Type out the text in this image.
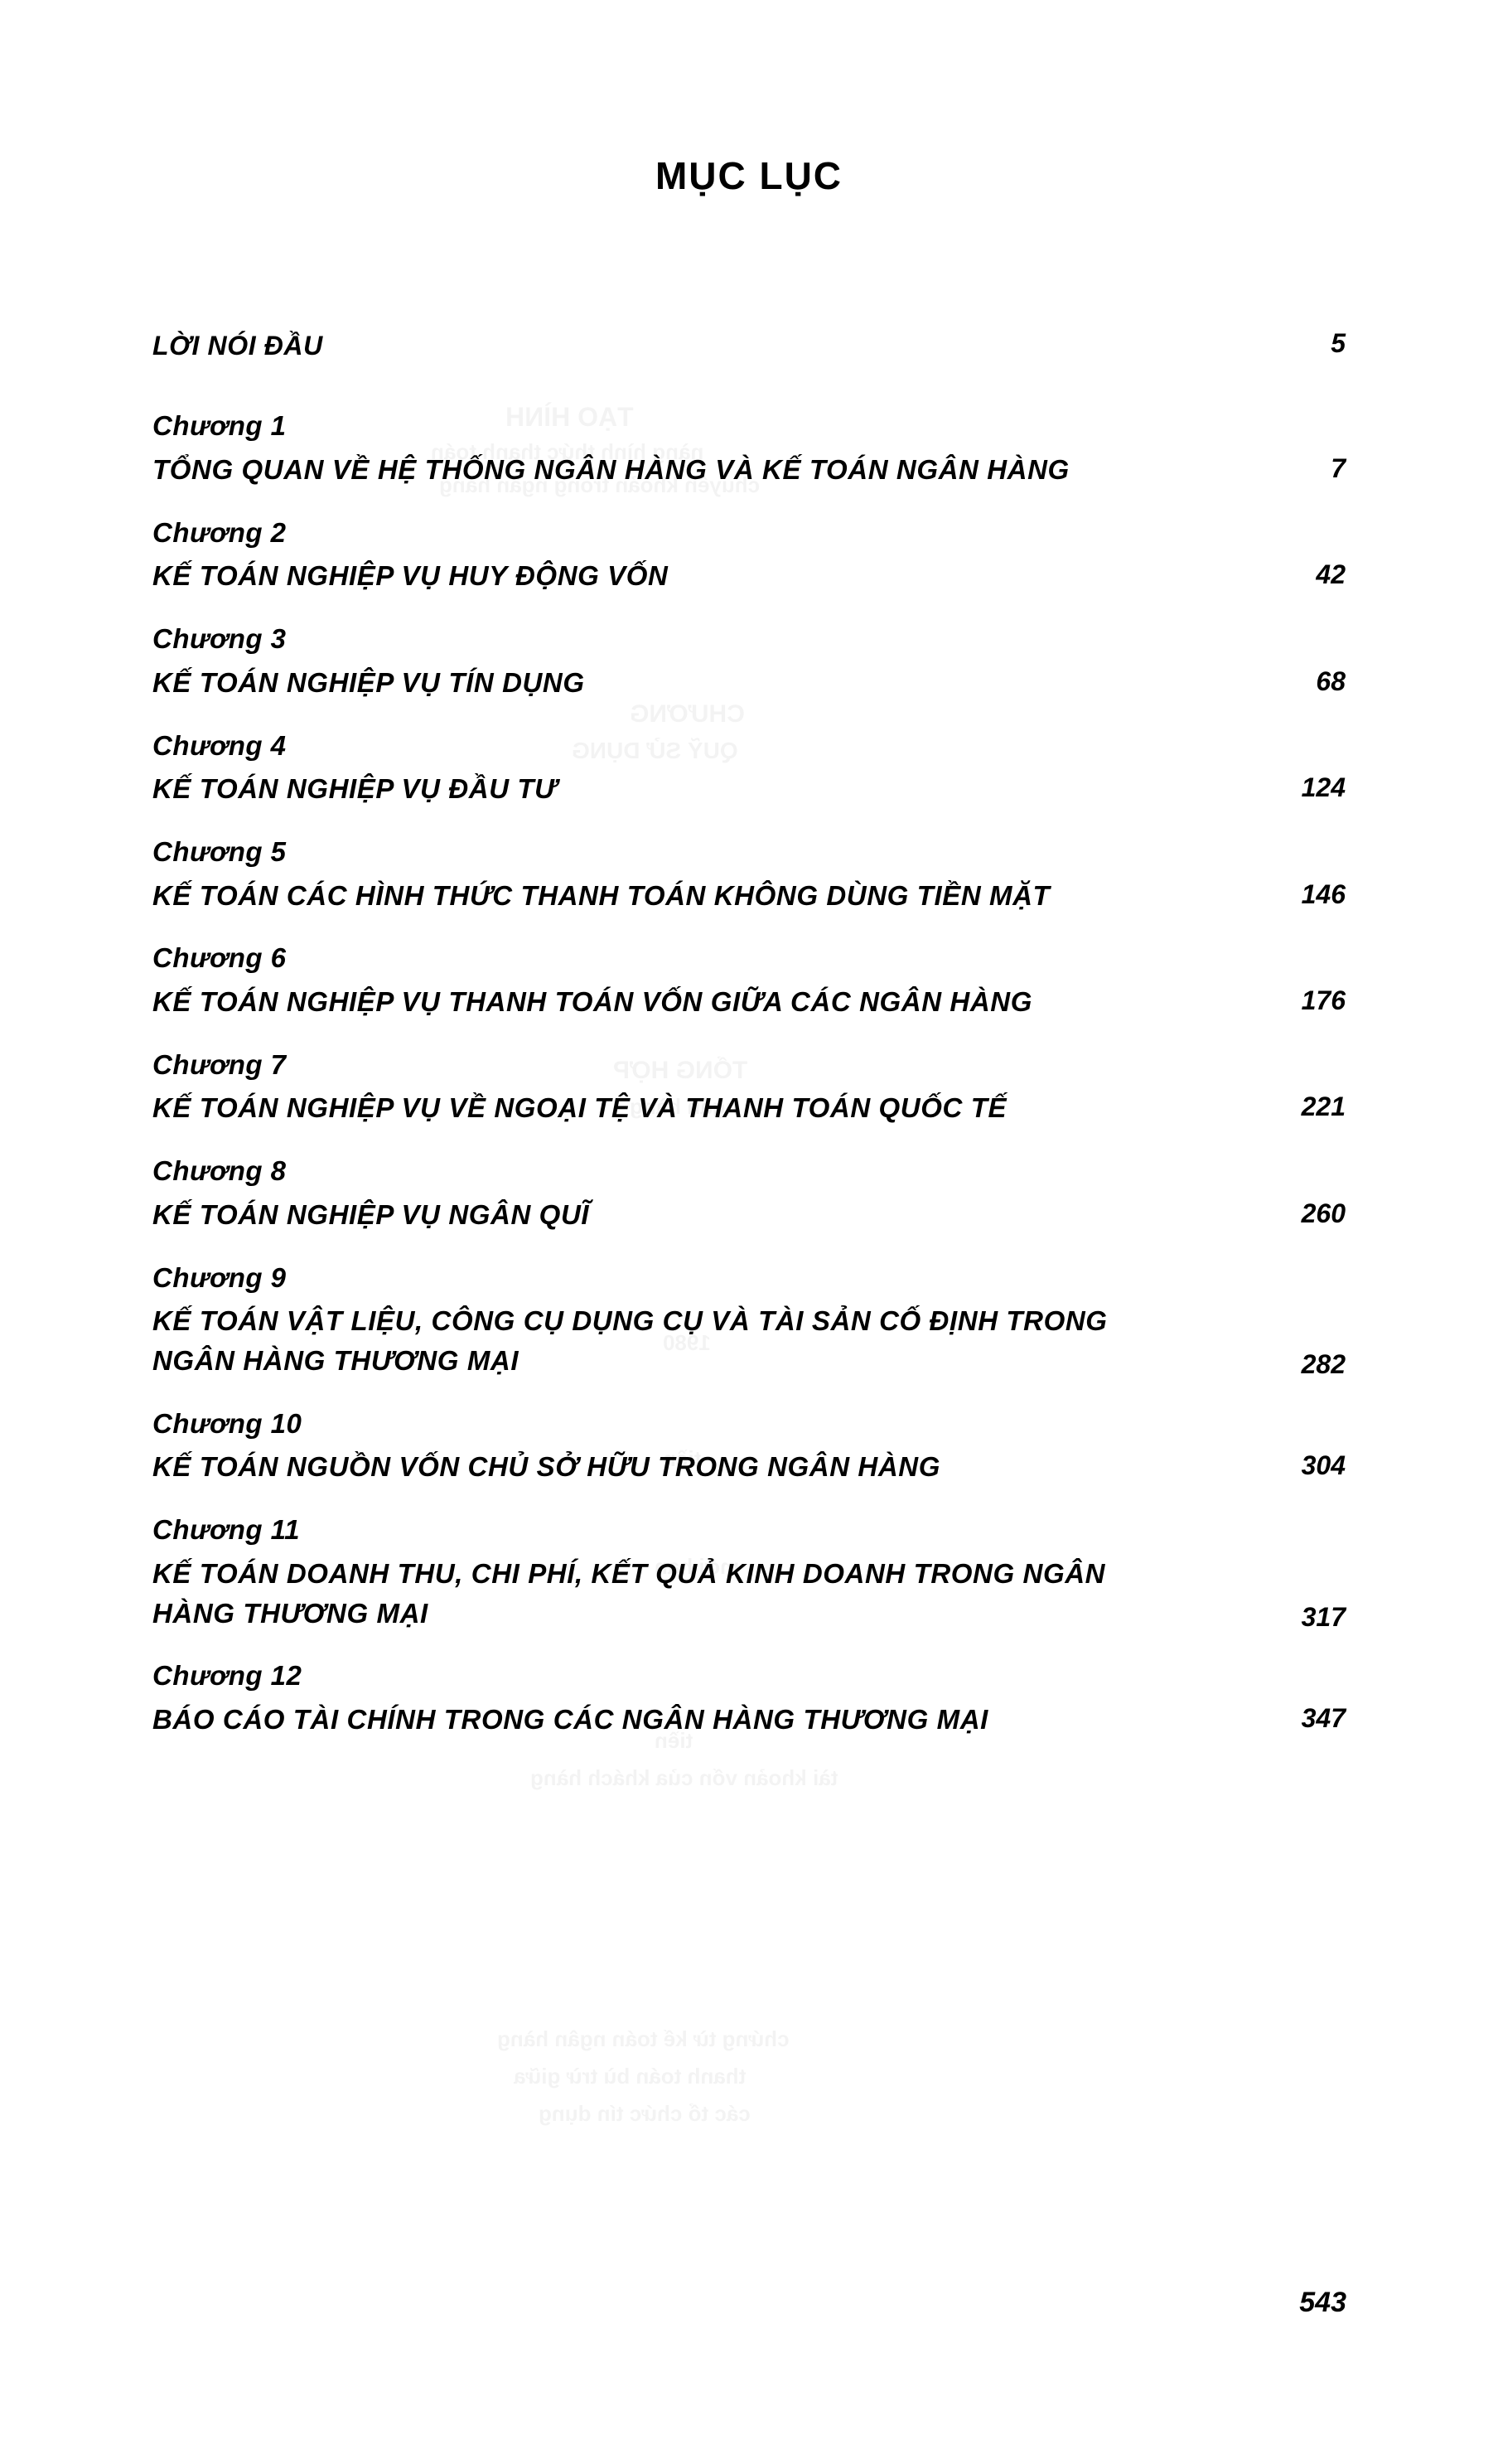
MỤC LỤC
LỜI NÓI ĐẦU	5
Chương 1
TỔNG QUAN VỀ HỆ THỐNG NGÂN HÀNG VÀ KẾ TOÁN NGÂN HÀNG	7
Chương 2
KẾ TOÁN NGHIỆP VỤ HUY ĐỘNG VỐN	42
Chương 3
KẾ TOÁN NGHIỆP VỤ TÍN DỤNG	68
Chương 4
KẾ TOÁN NGHIỆP VỤ ĐẦU TƯ	124
Chương 5
KẾ TOÁN CÁC HÌNH THỨC THANH TOÁN KHÔNG DÙNG TIỀN MẶT	146
Chương 6
KẾ TOÁN NGHIỆP VỤ THANH TOÁN VỐN GIỮA CÁC NGÂN HÀNG	176
Chương 7
KẾ TOÁN NGHIỆP VỤ VỀ NGOẠI TỆ VÀ THANH TOÁN QUỐC TẾ	221
Chương 8
KẾ TOÁN NGHIỆP VỤ NGÂN QUĨ	260
Chương 9
KẾ TOÁN VẬT LIỆU, CÔNG CỤ DỤNG CỤ VÀ TÀI SẢN CỐ ĐỊNH TRONG NGÂN HÀNG THƯƠNG MẠI	282
Chương 10
KẾ TOÁN NGUỒN VỐN CHỦ SỞ HỮU TRONG NGÂN HÀNG	304
Chương 11
KẾ TOÁN DOANH THU, CHI PHÍ, KẾT QUẢ KINH DOANH TRONG NGÂN HÀNG THƯƠNG MẠI	317
Chương 12
BÁO CÁO TÀI CHÍNH TRONG CÁC NGÂN HÀNG THƯƠNG MẠI	347
543
